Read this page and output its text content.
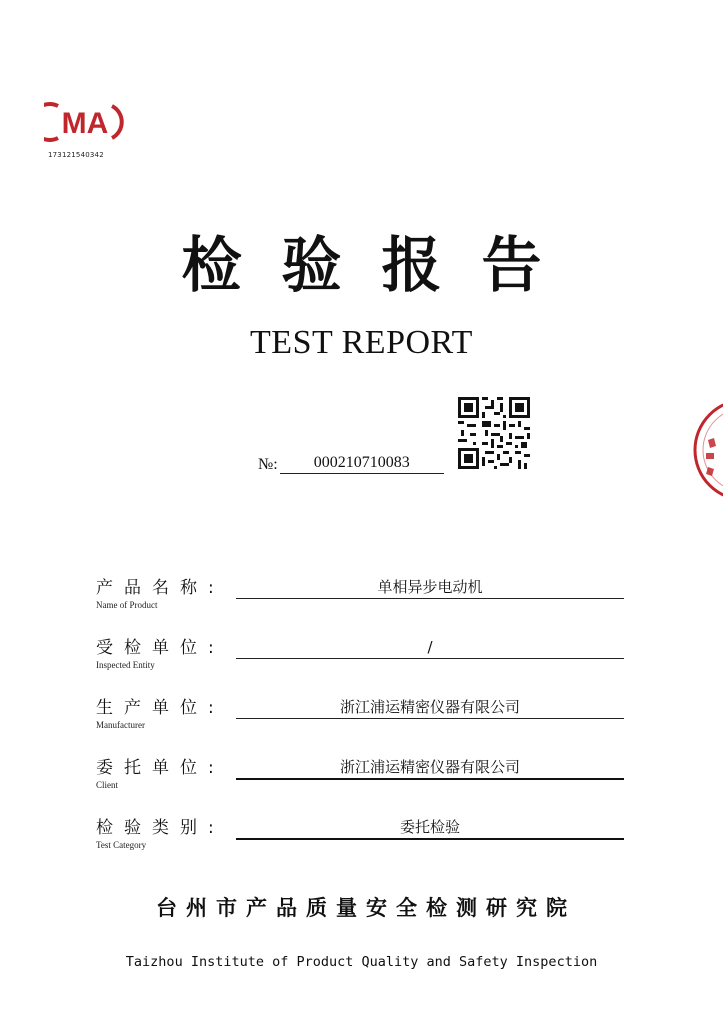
MA
173121540342
检验报告
TEST REPORT
№:	000210710083
产品名称:
Name of Product
单相异步电动机
受检单位:
Inspected Entity
/
生产单位:
Manufacturer
浙江浦运精密仪器有限公司
委托单位:
Client
浙江浦运精密仪器有限公司
检验类别:
Test Category
委托检验
台州市产品质量安全检测研究院
Taizhou Institute of Product Quality and Safety Inspection
